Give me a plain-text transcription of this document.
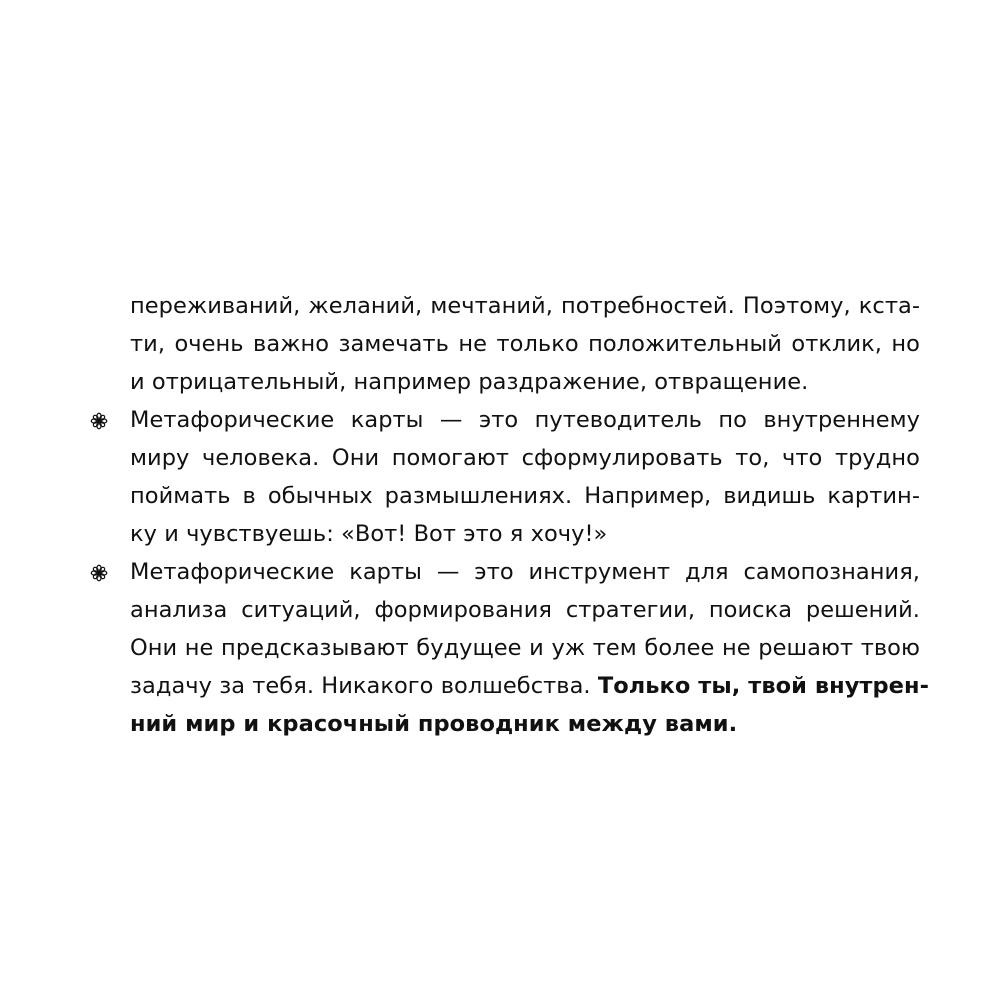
переживаний, желаний, мечтаний, потребностей. Поэтому, кста-
ти, очень важно замечать не только положительный отклик, но
и отрицательный, например раздражение, отвращение.
Метафорические карты — это путеводитель по внутреннему
миру человека. Они помогают сформулировать то, что трудно
поймать в обычных размышлениях. Например, видишь картин-
ку и чувствуешь: «Вот! Вот это я хочу!»
Метафорические карты — это инструмент для самопознания,
анализа ситуаций, формирования стратегии, поиска решений.
Они не предсказывают будущее и уж тем более не решают твою
задачу за тебя. Никакого волшебства. Только ты, твой внутрен-
ний мир и красочный проводник между вами.
